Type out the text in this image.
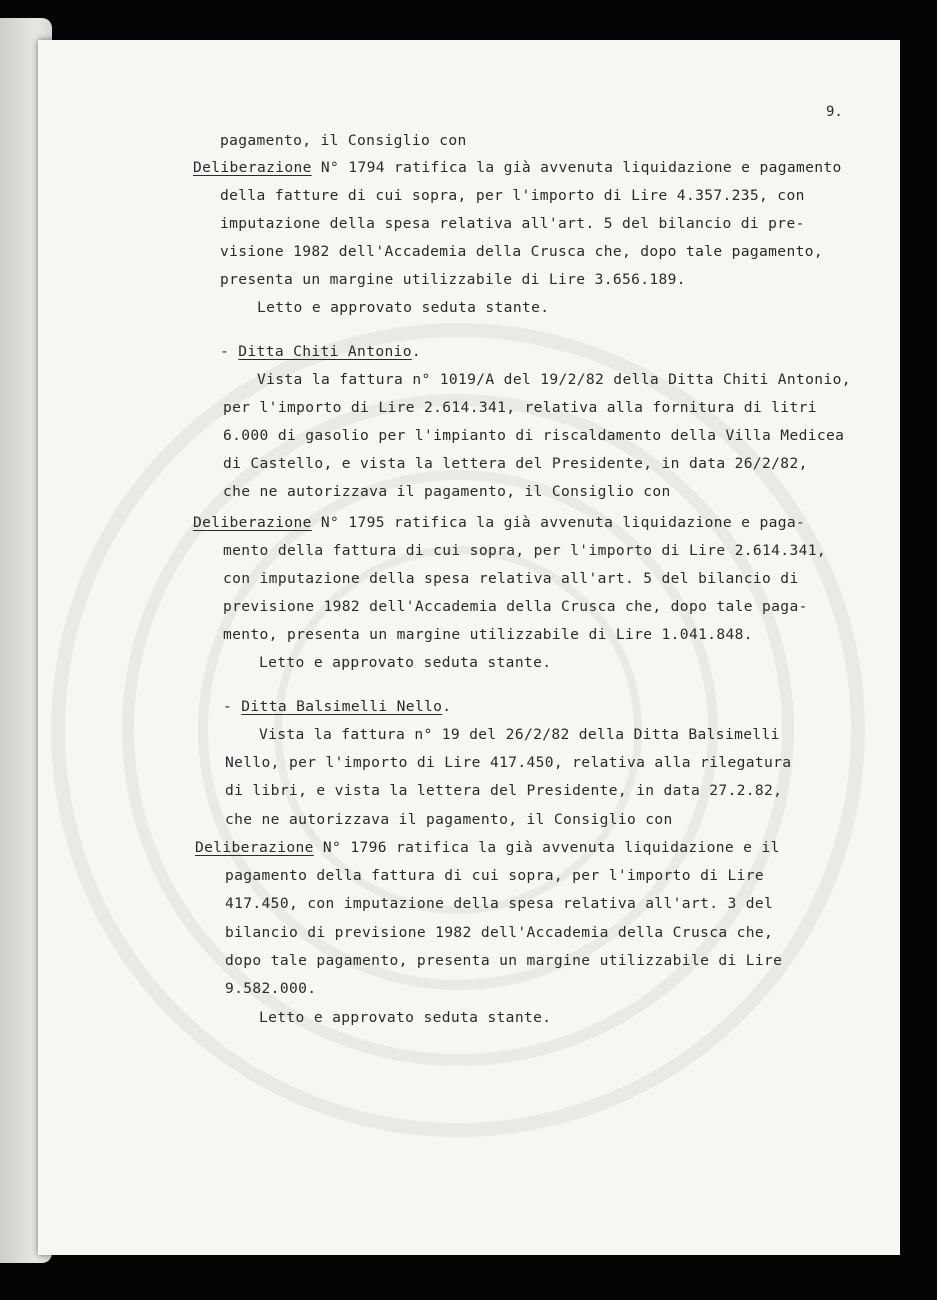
9.
pagamento, il Consiglio con
Deliberazione N° 1794 ratifica la già avvenuta liquidazione e pagamento
della fatture di cui sopra, per l'importo di Lire 4.357.235, con
imputazione della spesa relativa all'art. 5 del bilancio di pre-
visione 1982 dell'Accademia della Crusca che, dopo tale pagamento,
presenta un margine utilizzabile di Lire 3.656.189.
Letto e approvato seduta stante.
- Ditta Chiti Antonio.
Vista la fattura n° 1019/A del 19/2/82 della Ditta Chiti Antonio,
per l'importo di Lire 2.614.341, relativa alla fornitura di litri
6.000 di gasolio per l'impianto di riscaldamento della Villa Medicea
di Castello, e vista la lettera del Presidente, in data 26/2/82,
che ne autorizzava il pagamento, il Consiglio con
Deliberazione N° 1795 ratifica la già avvenuta liquidazione e paga-
mento della fattura di cui sopra, per l'importo di Lire 2.614.341,
con imputazione della spesa relativa all'art. 5 del bilancio di
previsione 1982 dell'Accademia della Crusca che, dopo tale paga-
mento, presenta un margine utilizzabile di Lire 1.041.848.
Letto e approvato seduta stante.
- Ditta Balsimelli Nello.
Vista la fattura n° 19 del 26/2/82 della Ditta Balsimelli
Nello, per l'importo di Lire 417.450, relativa alla rilegatura
di libri, e vista la lettera del Presidente, in data 27.2.82,
che ne autorizzava il pagamento, il Consiglio con
Deliberazione N° 1796 ratifica la già avvenuta liquidazione e il
pagamento della fattura di cui sopra, per l'importo di Lire
417.450, con imputazione della spesa relativa all'art. 3 del
bilancio di previsione 1982 dell'Accademia della Crusca che,
dopo tale pagamento, presenta un margine utilizzabile di Lire
9.582.000.
Letto e approvato seduta stante.
